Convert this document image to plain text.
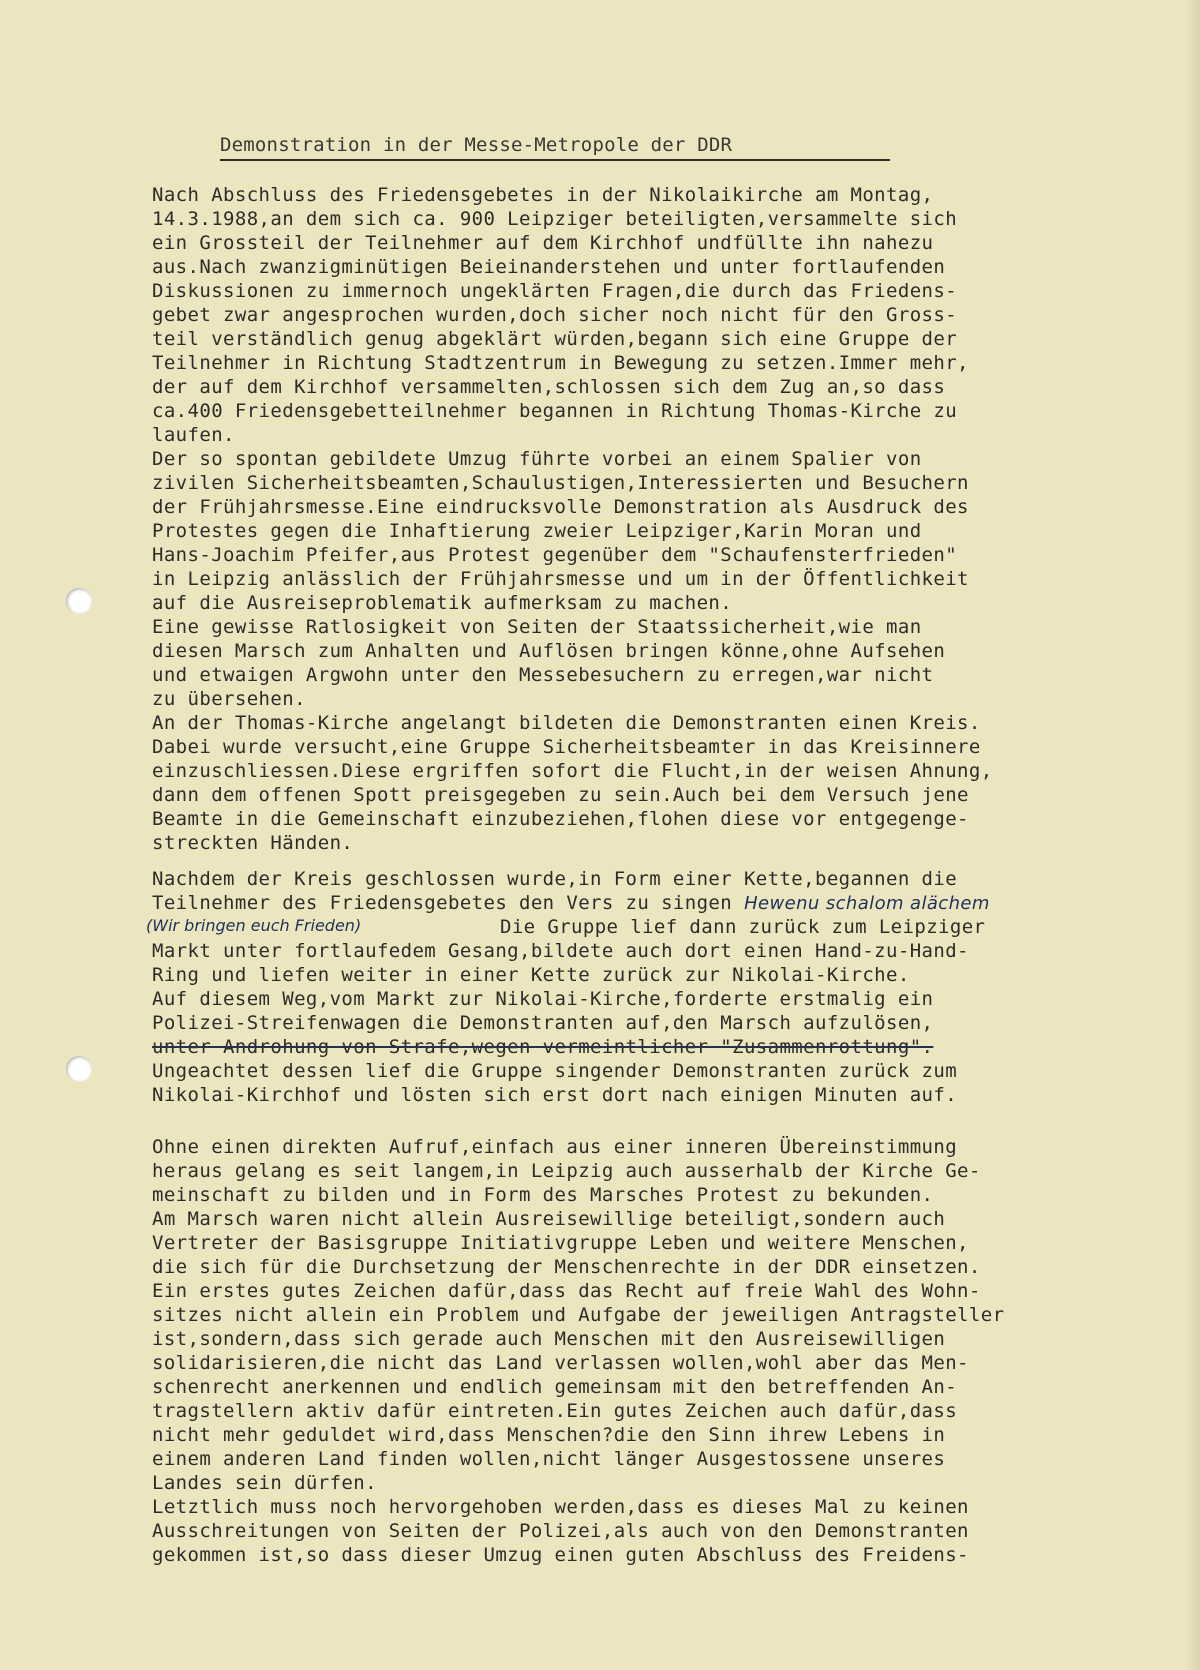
Demonstration in der Messe-Metropole der DDR
Nach Abschluss des Friedensgebetes in der Nikolaikirche am Montag,
14.3.1988,an dem sich ca. 900 Leipziger beteiligten,versammelte sich
ein Grossteil der Teilnehmer auf dem Kirchhof undfüllte ihn nahezu
aus.Nach zwanzigminütigen Beieinanderstehen und unter fortlaufenden
Diskussionen zu immernoch ungeklärten Fragen,die durch das Friedens-
gebet zwar angesprochen wurden,doch sicher noch nicht für den Gross-
teil verständlich genug abgeklärt würden,begann sich eine Gruppe der
Teilnehmer in Richtung Stadtzentrum in Bewegung zu setzen.Immer mehr,
der auf dem Kirchhof versammelten,schlossen sich dem Zug an,so dass
ca.400 Friedensgebetteilnehmer begannen in Richtung Thomas-Kirche zu
laufen.
Der so spontan gebildete Umzug führte vorbei an einem Spalier von
zivilen Sicherheitsbeamten,Schaulustigen,Interessierten und Besuchern
der Frühjahrsmesse.Eine eindrucksvolle Demonstration als Ausdruck des
Protestes gegen die Inhaftierung zweier Leipziger,Karin Moran und
Hans-Joachim Pfeifer,aus Protest gegenüber dem "Schaufensterfrieden"
in Leipzig anlässlich der Frühjahrsmesse und um in der Öffentlichkeit
auf die Ausreiseproblematik aufmerksam zu machen.
Eine gewisse Ratlosigkeit von Seiten der Staatssicherheit,wie man
diesen Marsch zum Anhalten und Auflösen bringen könne,ohne Aufsehen
und etwaigen Argwohn unter den Messebesuchern zu erregen,war nicht
zu übersehen.
An der Thomas-Kirche angelangt bildeten die Demonstranten einen Kreis.
Dabei wurde versucht,eine Gruppe Sicherheitsbeamter in das Kreisinnere
einzuschliessen.Diese ergriffen sofort die Flucht,in der weisen Ahnung,
dann dem offenen Spott preisgegeben zu sein.Auch bei dem Versuch jene
Beamte in die Gemeinschaft einzubeziehen,flohen diese vor entgegenge-
streckten Händen.
Nachdem der Kreis geschlossen wurde,in Form einer Kette,begannen die
Teilnehmer des Friedensgebetes den Vers zu singen Hewenu schalom alächem
(Wir bringen euch Frieden)	Die Gruppe lief dann zurück zum Leipziger
Markt unter fortlaufedem Gesang,bildete auch dort einen Hand-zu-Hand-
Ring und liefen weiter in einer Kette zurück zur Nikolai-Kirche.
Auf diesem Weg,vom Markt zur Nikolai-Kirche,forderte erstmalig ein
Polizei-Streifenwagen die Demonstranten auf,den Marsch aufzulösen,
unter Androhung von Strafe,wegen vermeintlicher "Zusammenrottung".
Ungeachtet dessen lief die Gruppe singender Demonstranten zurück zum
Nikolai-Kirchhof und lösten sich erst dort nach einigen Minuten auf.
Ohne einen direkten Aufruf,einfach aus einer inneren Übereinstimmung
heraus gelang es seit langem,in Leipzig auch ausserhalb der Kirche Ge-
meinschaft zu bilden und in Form des Marsches Protest zu bekunden.
Am Marsch waren nicht allein Ausreisewillige beteiligt,sondern auch
Vertreter der Basisgruppe Initiativgruppe Leben und weitere Menschen,
die sich für die Durchsetzung der Menschenrechte in der DDR einsetzen.
Ein erstes gutes Zeichen dafür,dass das Recht auf freie Wahl des Wohn-
sitzes nicht allein ein Problem und Aufgabe der jeweiligen Antragsteller
ist,sondern,dass sich gerade auch Menschen mit den Ausreisewilligen
solidarisieren,die nicht das Land verlassen wollen,wohl aber das Men-
schenrecht anerkennen und endlich gemeinsam mit den betreffenden An-
tragstellern aktiv dafür eintreten.Ein gutes Zeichen auch dafür,dass
nicht mehr geduldet wird,dass Menschen?die den Sinn ihrew Lebens in
einem anderen Land finden wollen,nicht länger Ausgestossene unseres
Landes sein dürfen.
Letztlich muss noch hervorgehoben werden,dass es dieses Mal zu keinen
Ausschreitungen von Seiten der Polizei,als auch von den Demonstranten
gekommen ist,so dass dieser Umzug einen guten Abschluss des Freidens-
